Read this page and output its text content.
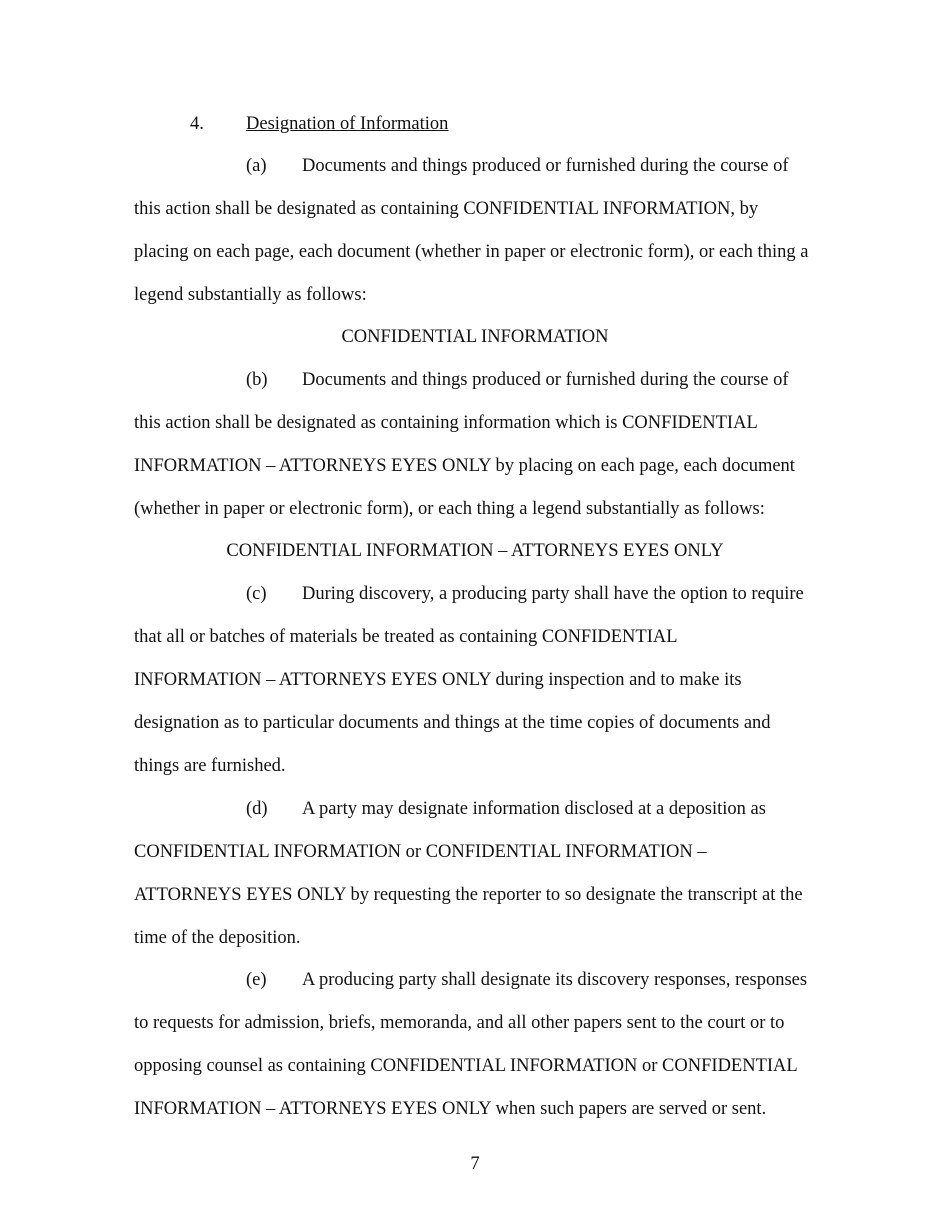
4. Designation of Information
(a) Documents and things produced or furnished during the course of
this action shall be designated as containing CONFIDENTIAL INFORMATION, by
placing on each page, each document (whether in paper or electronic form), or each thing a
legend substantially as follows:
CONFIDENTIAL INFORMATION
(b) Documents and things produced or furnished during the course of
this action shall be designated as containing information which is CONFIDENTIAL
INFORMATION – ATTORNEYS EYES ONLY by placing on each page, each document
(whether in paper or electronic form), or each thing a legend substantially as follows:
CONFIDENTIAL INFORMATION – ATTORNEYS EYES ONLY
(c) During discovery, a producing party shall have the option to require
that all or batches of materials be treated as containing CONFIDENTIAL
INFORMATION – ATTORNEYS EYES ONLY during inspection and to make its
designation as to particular documents and things at the time copies of documents and
things are furnished.
(d) A party may designate information disclosed at a deposition as
CONFIDENTIAL INFORMATION or CONFIDENTIAL INFORMATION –
ATTORNEYS EYES ONLY by requesting the reporter to so designate the transcript at the
time of the deposition.
(e) A producing party shall designate its discovery responses, responses
to requests for admission, briefs, memoranda, and all other papers sent to the court or to
opposing counsel as containing CONFIDENTIAL INFORMATION or CONFIDENTIAL
INFORMATION – ATTORNEYS EYES ONLY when such papers are served or sent.
7
